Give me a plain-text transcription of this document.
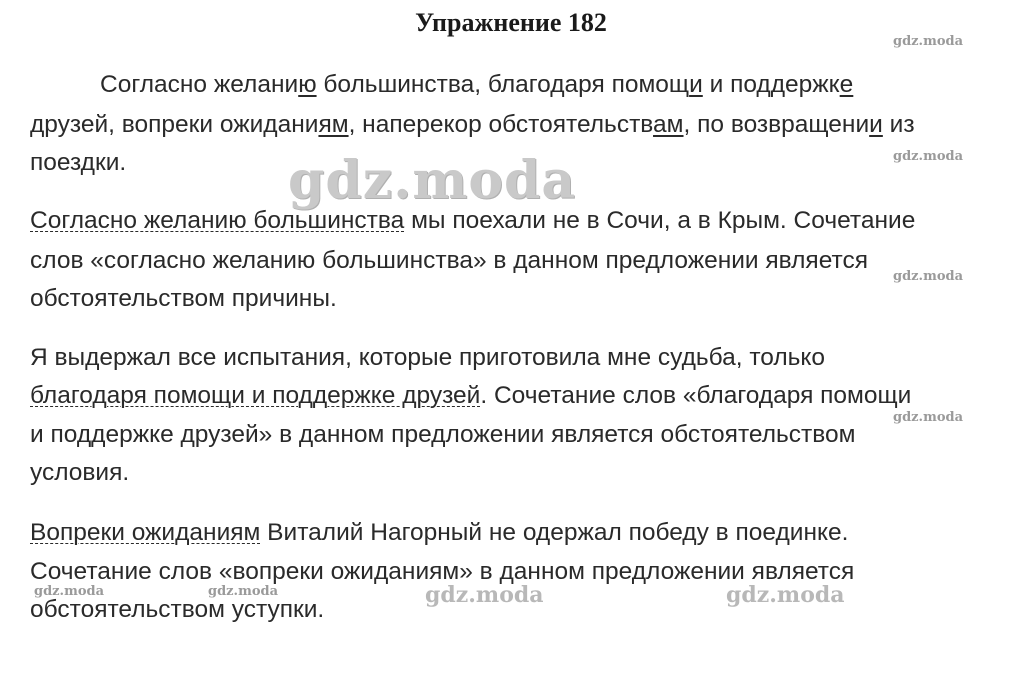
Упражнение 182
Согласно желанию большинства, благодаря помощи и поддержке
друзей, вопреки ожиданиям, наперекор обстоятельствам, по возвращении из
поездки.
Согласно желанию большинства мы поехали не в Сочи, а в Крым. Сочетание
слов «согласно желанию большинства» в данном предложении является
обстоятельством причины.
Я выдержал все испытания, которые приготовила мне судьба, только
благодаря помощи и поддержке друзей. Сочетание слов «благодаря помощи
и поддержке друзей» в данном предложении является обстоятельством
условия.
Вопреки ожиданиям Виталий Нагорный не одержал победу в поединке.
Сочетание слов «вопреки ожиданиям» в данном предложении является
обстоятельством уступки.
gdz.moda
gdz.moda
gdz.moda
gdz.moda
gdz.moda	gdz.moda	gdz.moda	gdz.moda
gdz.moda
